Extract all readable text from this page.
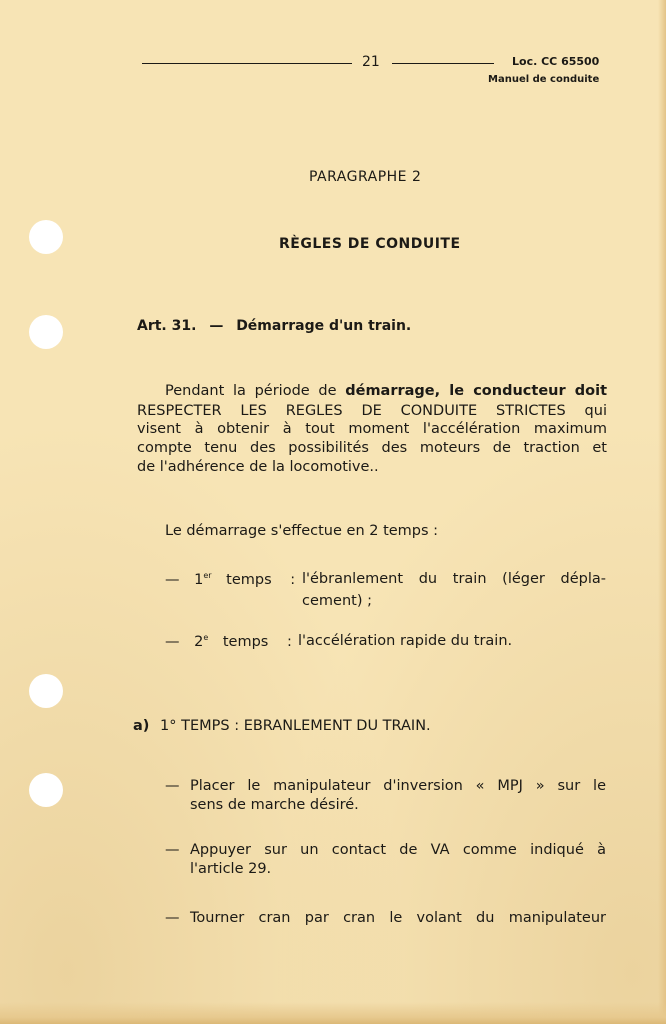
21	Loc. CC 65500
Manuel de conduite
PARAGRAPHE 2
RÈGLES DE CONDUITE
Art. 31. — Démarrage d'un train.
Pendant la période de démarrage, le conducteur doit
RESPECTER LES REGLES DE CONDUITE STRICTES qui
visent à obtenir à tout moment l'accélération maximum
compte tenu des possibilités des moteurs de traction et
de l'adhérence de la locomotive..
Le démarrage s'effectue en 2 temps :
— 1er temps : l'ébranlement du train (léger dépla-
cement) ;
— 2e temps : l'accélération rapide du train.
a) 1° TEMPS : EBRANLEMENT DU TRAIN.
— Placer le manipulateur d'inversion « MPJ » sur le
sens de marche désiré.
— Appuyer sur un contact de VA comme indiqué à
l'article 29.
— Tourner cran par cran le volant du manipulateur
